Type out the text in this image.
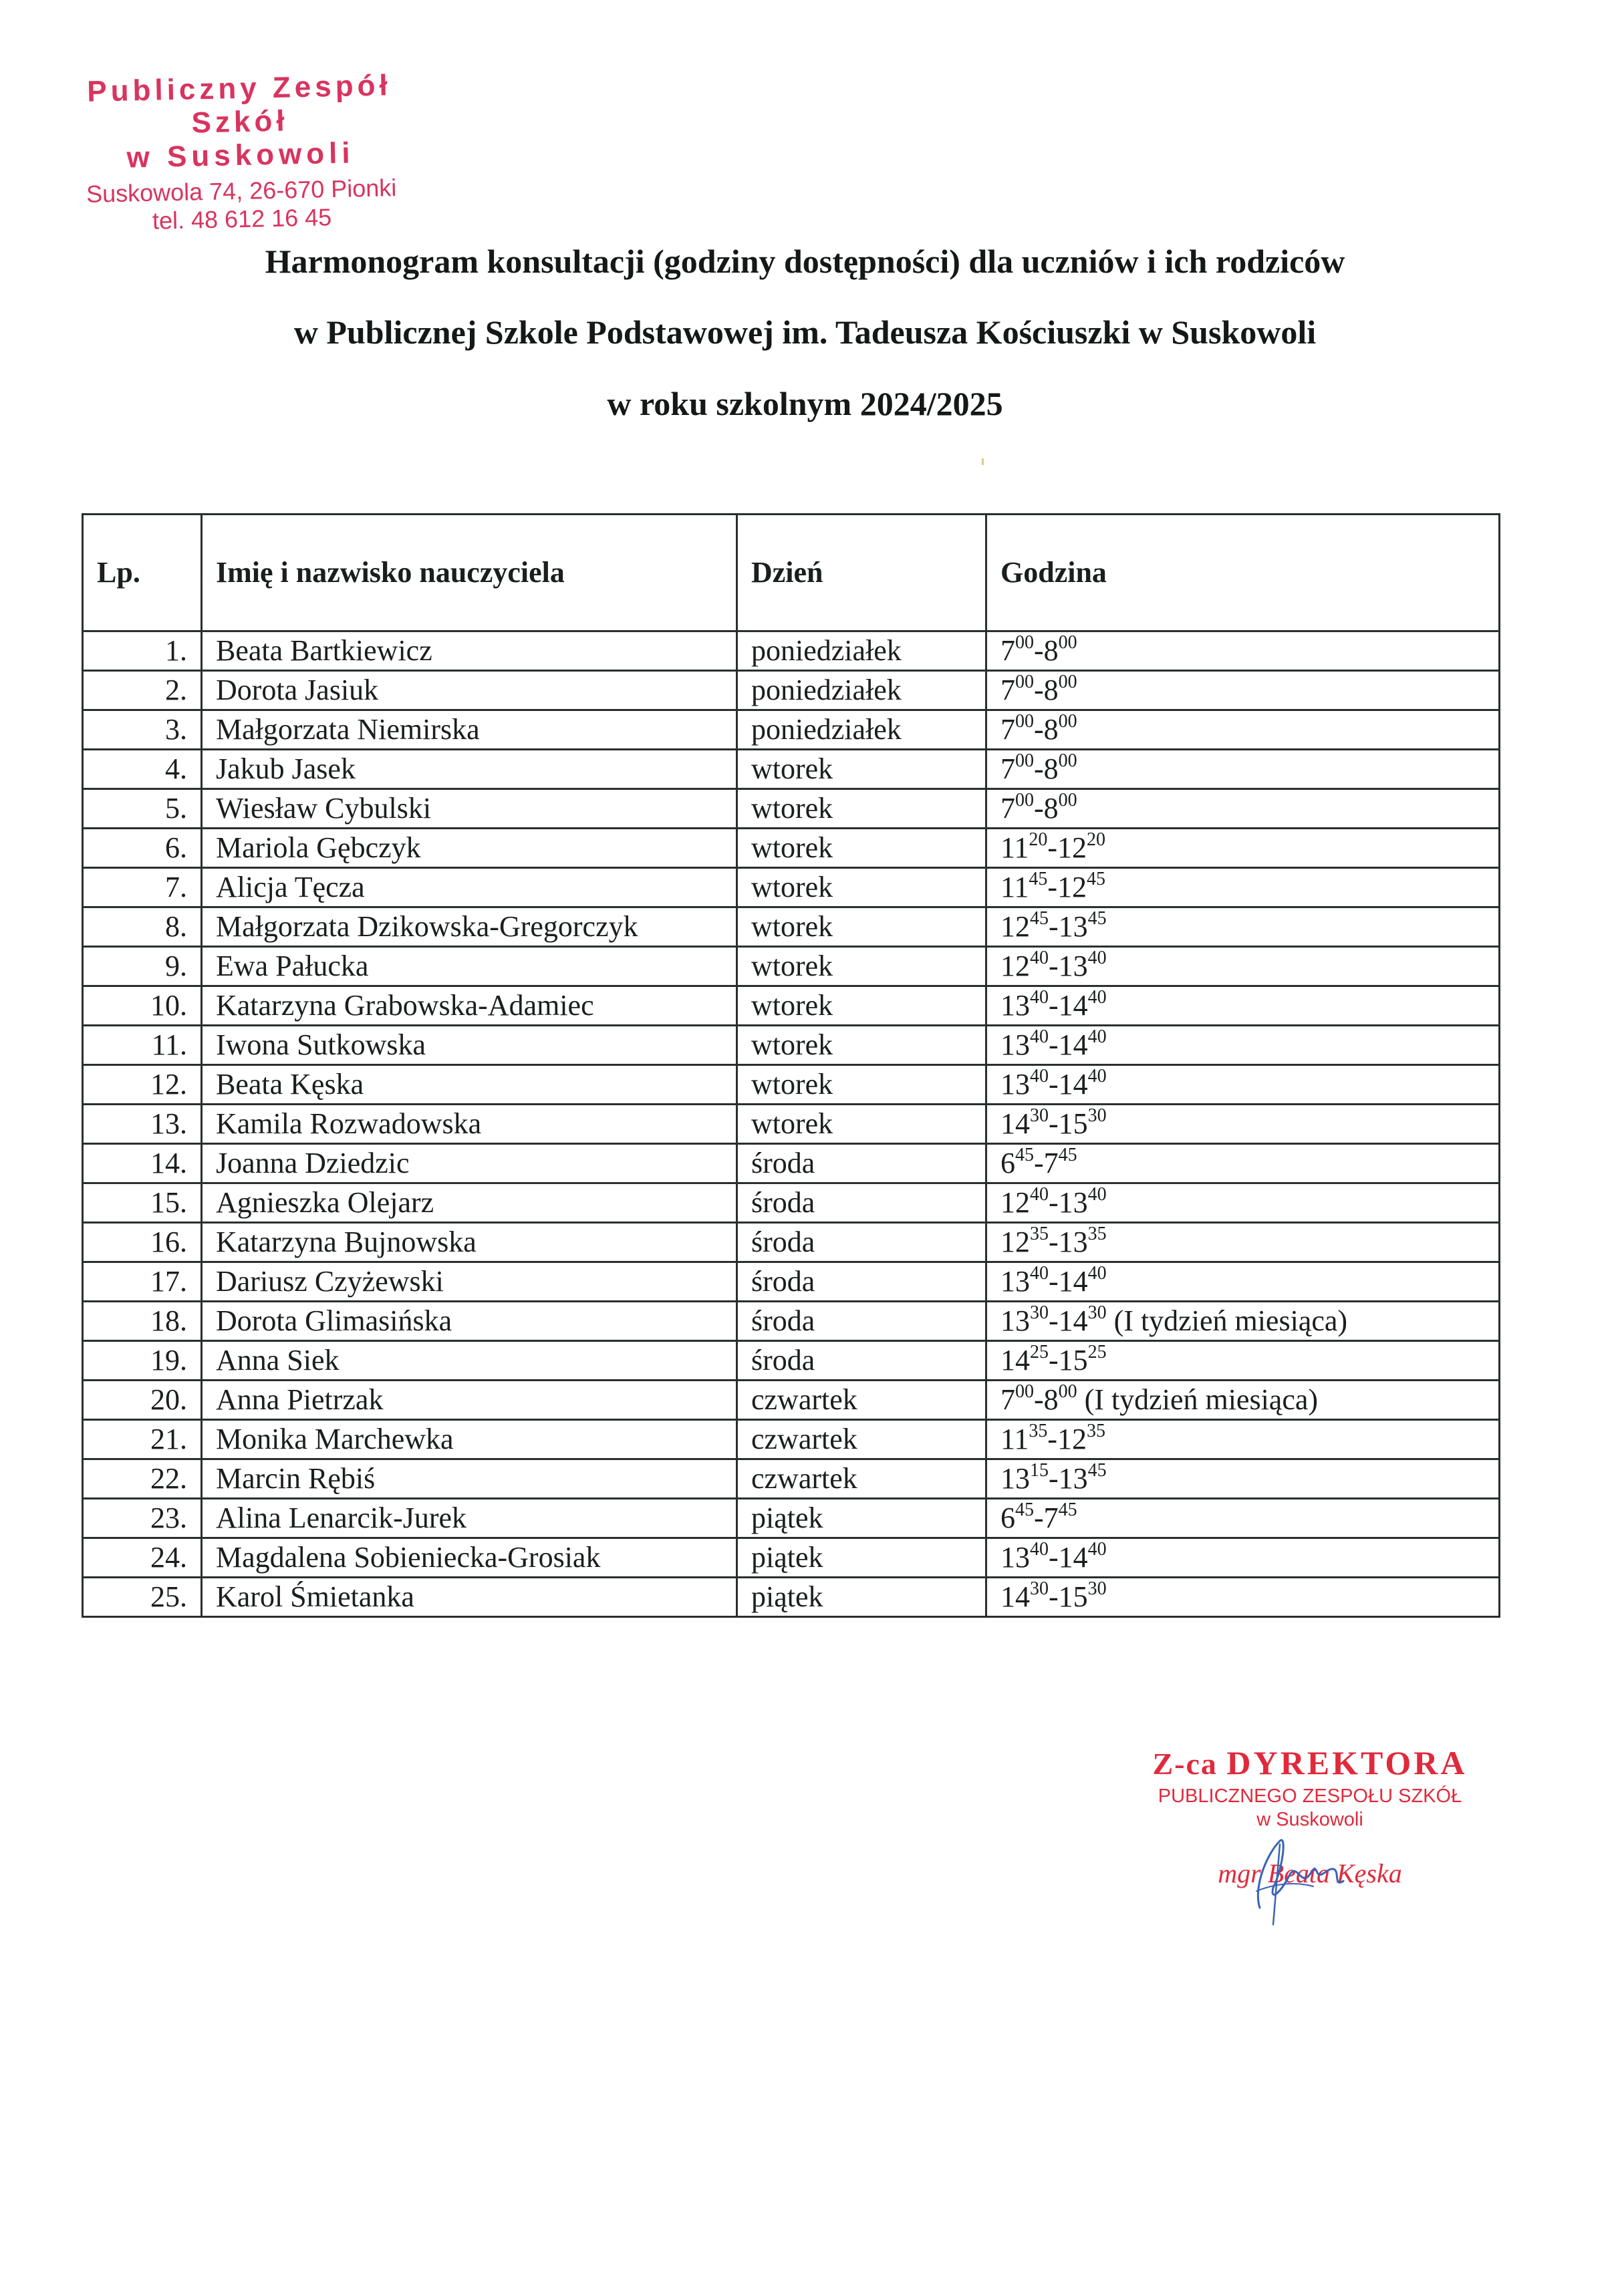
Publiczny Zespół Szkół
w Suskowoli
Suskowola 74, 26-670 Pionki
tel. 48 612 16 45
Harmonogram konsultacji (godziny dostępności) dla uczniów i ich rodziców
w Publicznej Szkole Podstawowej im. Tadeusza Kościuszki w Suskowoli
w roku szkolnym 2024/2025
Lp.	Imię i nazwisko nauczyciela	Dzień	Godzina
1.	Beata Bartkiewicz	poniedziałek	$7^{00}-8^{00}$
2.	Dorota Jasiuk	poniedziałek	$7^{00}-8^{00}$
3.	Małgorzata Niemirska	poniedziałek	$7^{00}-8^{00}$
4.	Jakub Jasek	wtorek	$7^{00}-8^{00}$
5.	Wiesław Cybulski	wtorek	$7^{00}-8^{00}$
6.	Mariola Gębczyk	wtorek	$11^{20}-12^{20}$
7.	Alicja Tęcza	wtorek	$11^{45}-12^{45}$
8.	Małgorzata Dzikowska-Gregorczyk	wtorek	$12^{45}-13^{45}$
9.	Ewa Pałucka	wtorek	$12^{40}-13^{40}$
10.	Katarzyna Grabowska-Adamiec	wtorek	$13^{40}-14^{40}$
11.	Iwona Sutkowska	wtorek	$13^{40}-14^{40}$
12.	Beata Kęska	wtorek	$13^{40}-14^{40}$
13.	Kamila Rozwadowska	wtorek	$14^{30}-15^{30}$
14.	Joanna Dziedzic	środa	$6^{45}-7^{45}$
15.	Agnieszka Olejarz	środa	$12^{40}-13^{40}$
16.	Katarzyna Bujnowska	środa	$12^{35}-13^{35}$
17.	Dariusz Czyżewski	środa	$13^{40}-14^{40}$
18.	Dorota Glimasińska	środa	$13^{30}-14^{30}$ (I tydzień miesiąca)
19.	Anna Siek	środa	$14^{25}-15^{25}$
20.	Anna Pietrzak	czwartek	$7^{00}-8^{00}$ (I tydzień miesiąca)
21.	Monika Marchewka	czwartek	$11^{35}-12^{35}$
22.	Marcin Rębiś	czwartek	$13^{15}-13^{45}$
23.	Alina Lenarcik-Jurek	piątek	$6^{45}-7^{45}$
24.	Magdalena Sobieniecka-Grosiak	piątek	$13^{40}-14^{40}$
25.	Karol Śmietanka	piątek	$14^{30}-15^{30}$
Z-ca DYREKTORA
PUBLICZNEGO ZESPOŁU SZKÓŁ
w Suskowoli
mgr Beata Kęska
